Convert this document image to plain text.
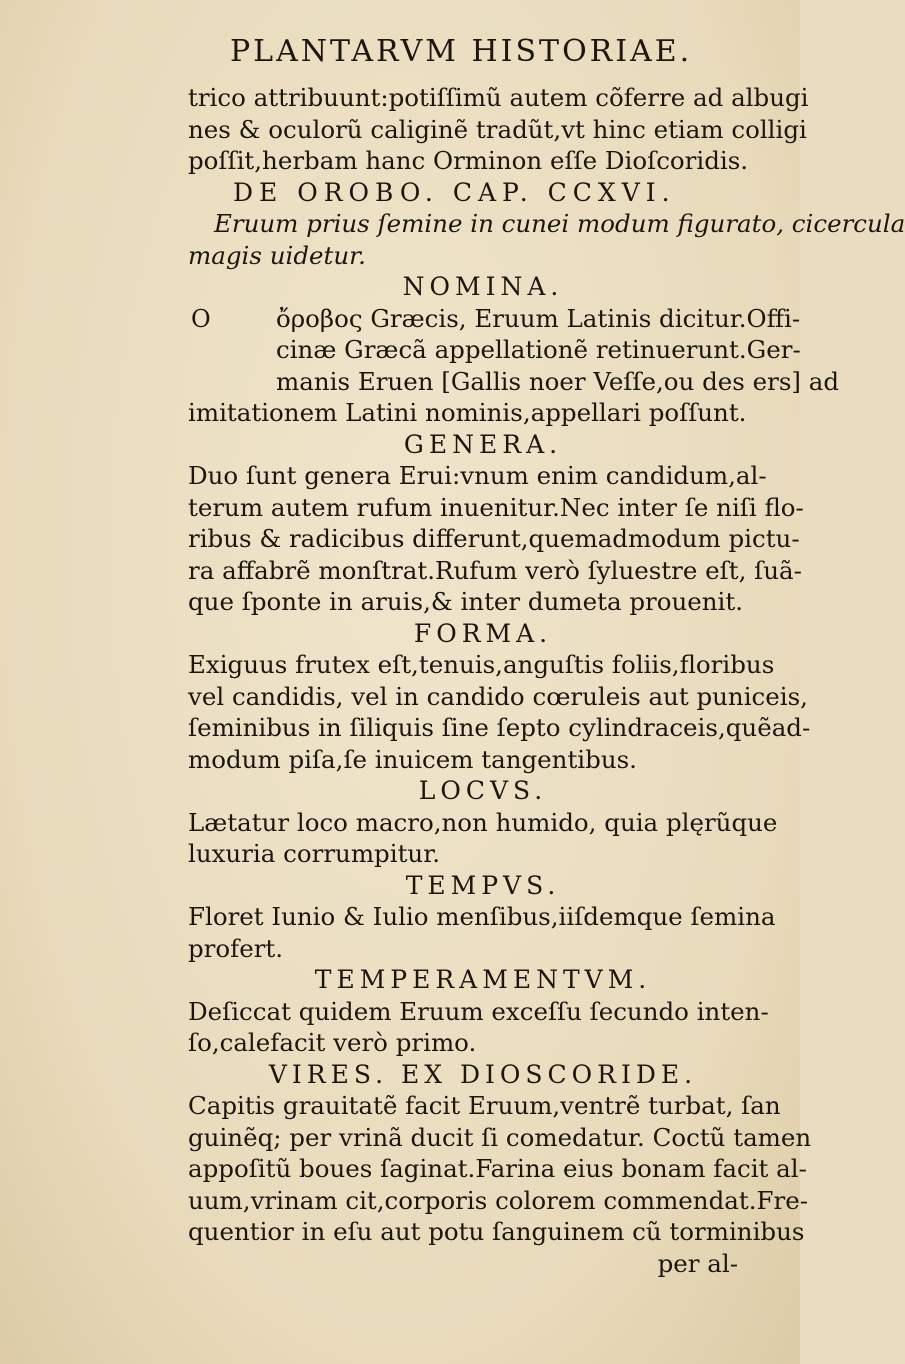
PLANTARVM HISTORIAE.
O
trico attribuunt:potiſſimũ autem cõferre ad albugi
nes & oculorũ caliginẽ tradũt,vt hinc etiam colligi
poſſit,herbam hanc Orminon eſſe Dioſcoridis.
DE OROBO. CAP. CCXVI.
Eruum prius ſemine in cunei modum figurato, cicercula
magis uidetur.
NOMINA.
ὄροβος Græcis, Eruum Latinis dicitur.Offi-
cinæ Græcã appellationẽ retinuerunt.Ger-
manis Eruen [Gallis noer Veſſe,ou des ers] ad
imitationem Latini nominis,appellari poſſunt.
GENERA.
Duo ſunt genera Erui:vnum enim candidum,al-
terum autem rufum inuenitur.Nec inter ſe niſi flo-
ribus & radicibus differunt,quemadmodum pictu-
ra affabrẽ monſtrat.Rufum verò ſyluestre eſt, ſuã-
que ſponte in aruis,& inter dumeta prouenit.
FORMA.
Exiguus frutex eſt,tenuis,anguſtis foliis,floribus
vel candidis, vel in candido cœruleis aut puniceis,
ſeminibus in ſiliquis ſine ſepto cylindraceis,quẽad-
modum piſa,ſe inuicem tangentibus.
LOCVS.
Lætatur loco macro,non humido, quia plęrũque
luxuria corrumpitur.
TEMPVS.
Floret Iunio & Iulio menſibus,iiſdemque ſemina
profert.
TEMPERAMENTVM.
Deſiccat quidem Eruum exceſſu ſecundo inten-
ſo,calefacit verò primo.
VIRES. EX DIOSCORIDE.
Capitis grauitatẽ facit Eruum,ventrẽ turbat, ſan
guinẽq; per vrinã ducit ſi comedatur. Coctũ tamen
appoſitũ boues ſaginat.Farina eius bonam facit al-
uum,vrinam cit,corporis colorem commendat.Fre-
quentior in eſu aut potu ſanguinem cũ torminibus
per al-
